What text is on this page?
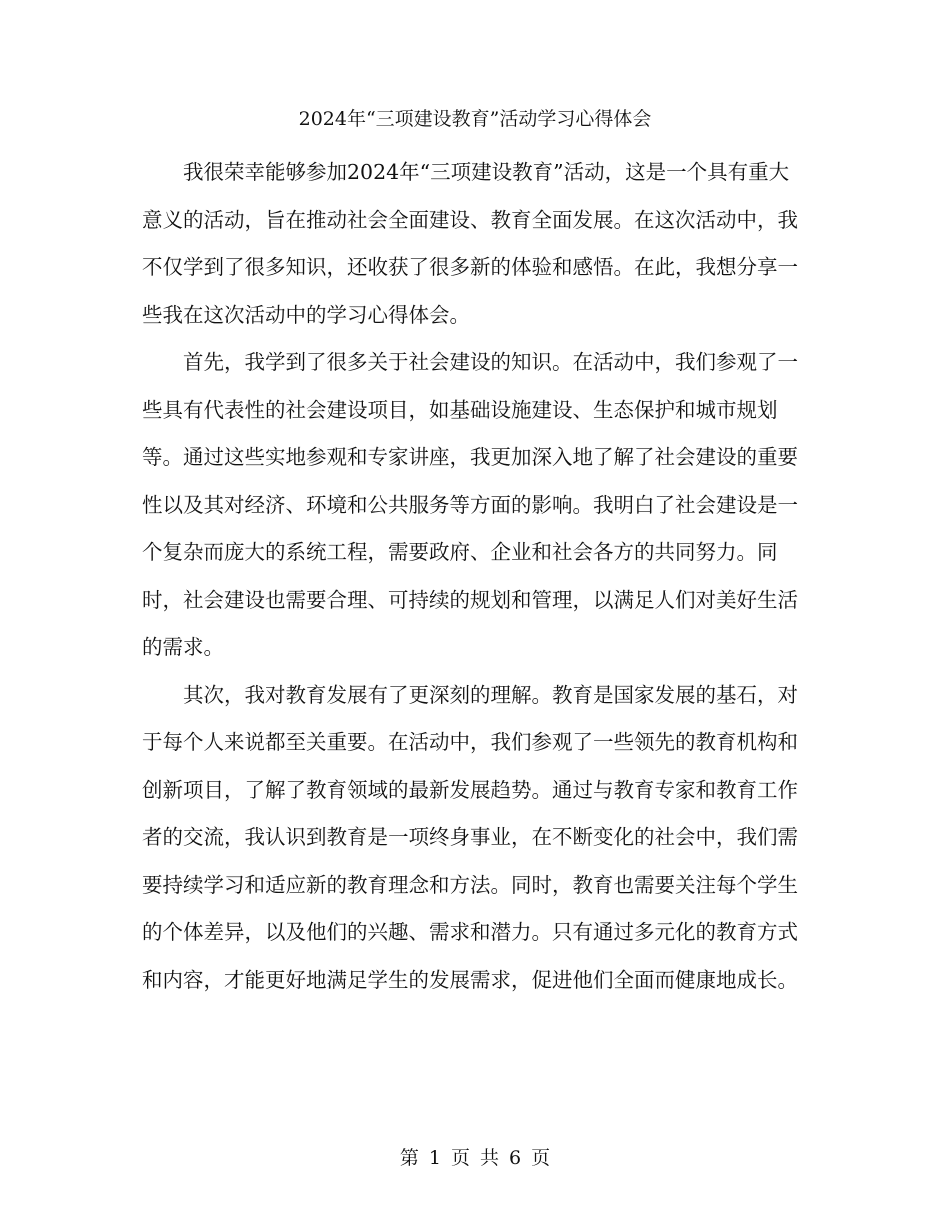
2024年“三项建设教育”活动学习心得体会

我很荣幸能够参加2024年“三项建设教育”活动，这是一个具有重大意义的活动，旨在推动社会全面建设、教育全面发展。在这次活动中，我不仅学到了很多知识，还收获了很多新的体验和感悟。在此，我想分享一些我在这次活动中的学习心得体会。

首先，我学到了很多关于社会建设的知识。在活动中，我们参观了一些具有代表性的社会建设项目，如基础设施建设、生态保护和城市规划等。通过这些实地参观和专家讲座，我更加深入地了解了社会建设的重要性以及其对经济、环境和公共服务等方面的影响。我明白了社会建设是一个复杂而庞大的系统工程，需要政府、企业和社会各方的共同努力。同时，社会建设也需要合理、可持续的规划和管理，以满足人们对美好生活的需求。

其次，我对教育发展有了更深刻的理解。教育是国家发展的基石，对于每个人来说都至关重要。在活动中，我们参观了一些领先的教育机构和创新项目，了解了教育领域的最新发展趋势。通过与教育专家和教育工作者的交流，我认识到教育是一项终身事业，在不断变化的社会中，我们需要持续学习和适应新的教育理念和方法。同时，教育也需要关注每个学生的个体差异，以及他们的兴趣、需求和潜力。只有通过多元化的教育方式和内容，才能更好地满足学生的发展需求，促进他们全面而健康地成长。

第 1 页 共 6 页
